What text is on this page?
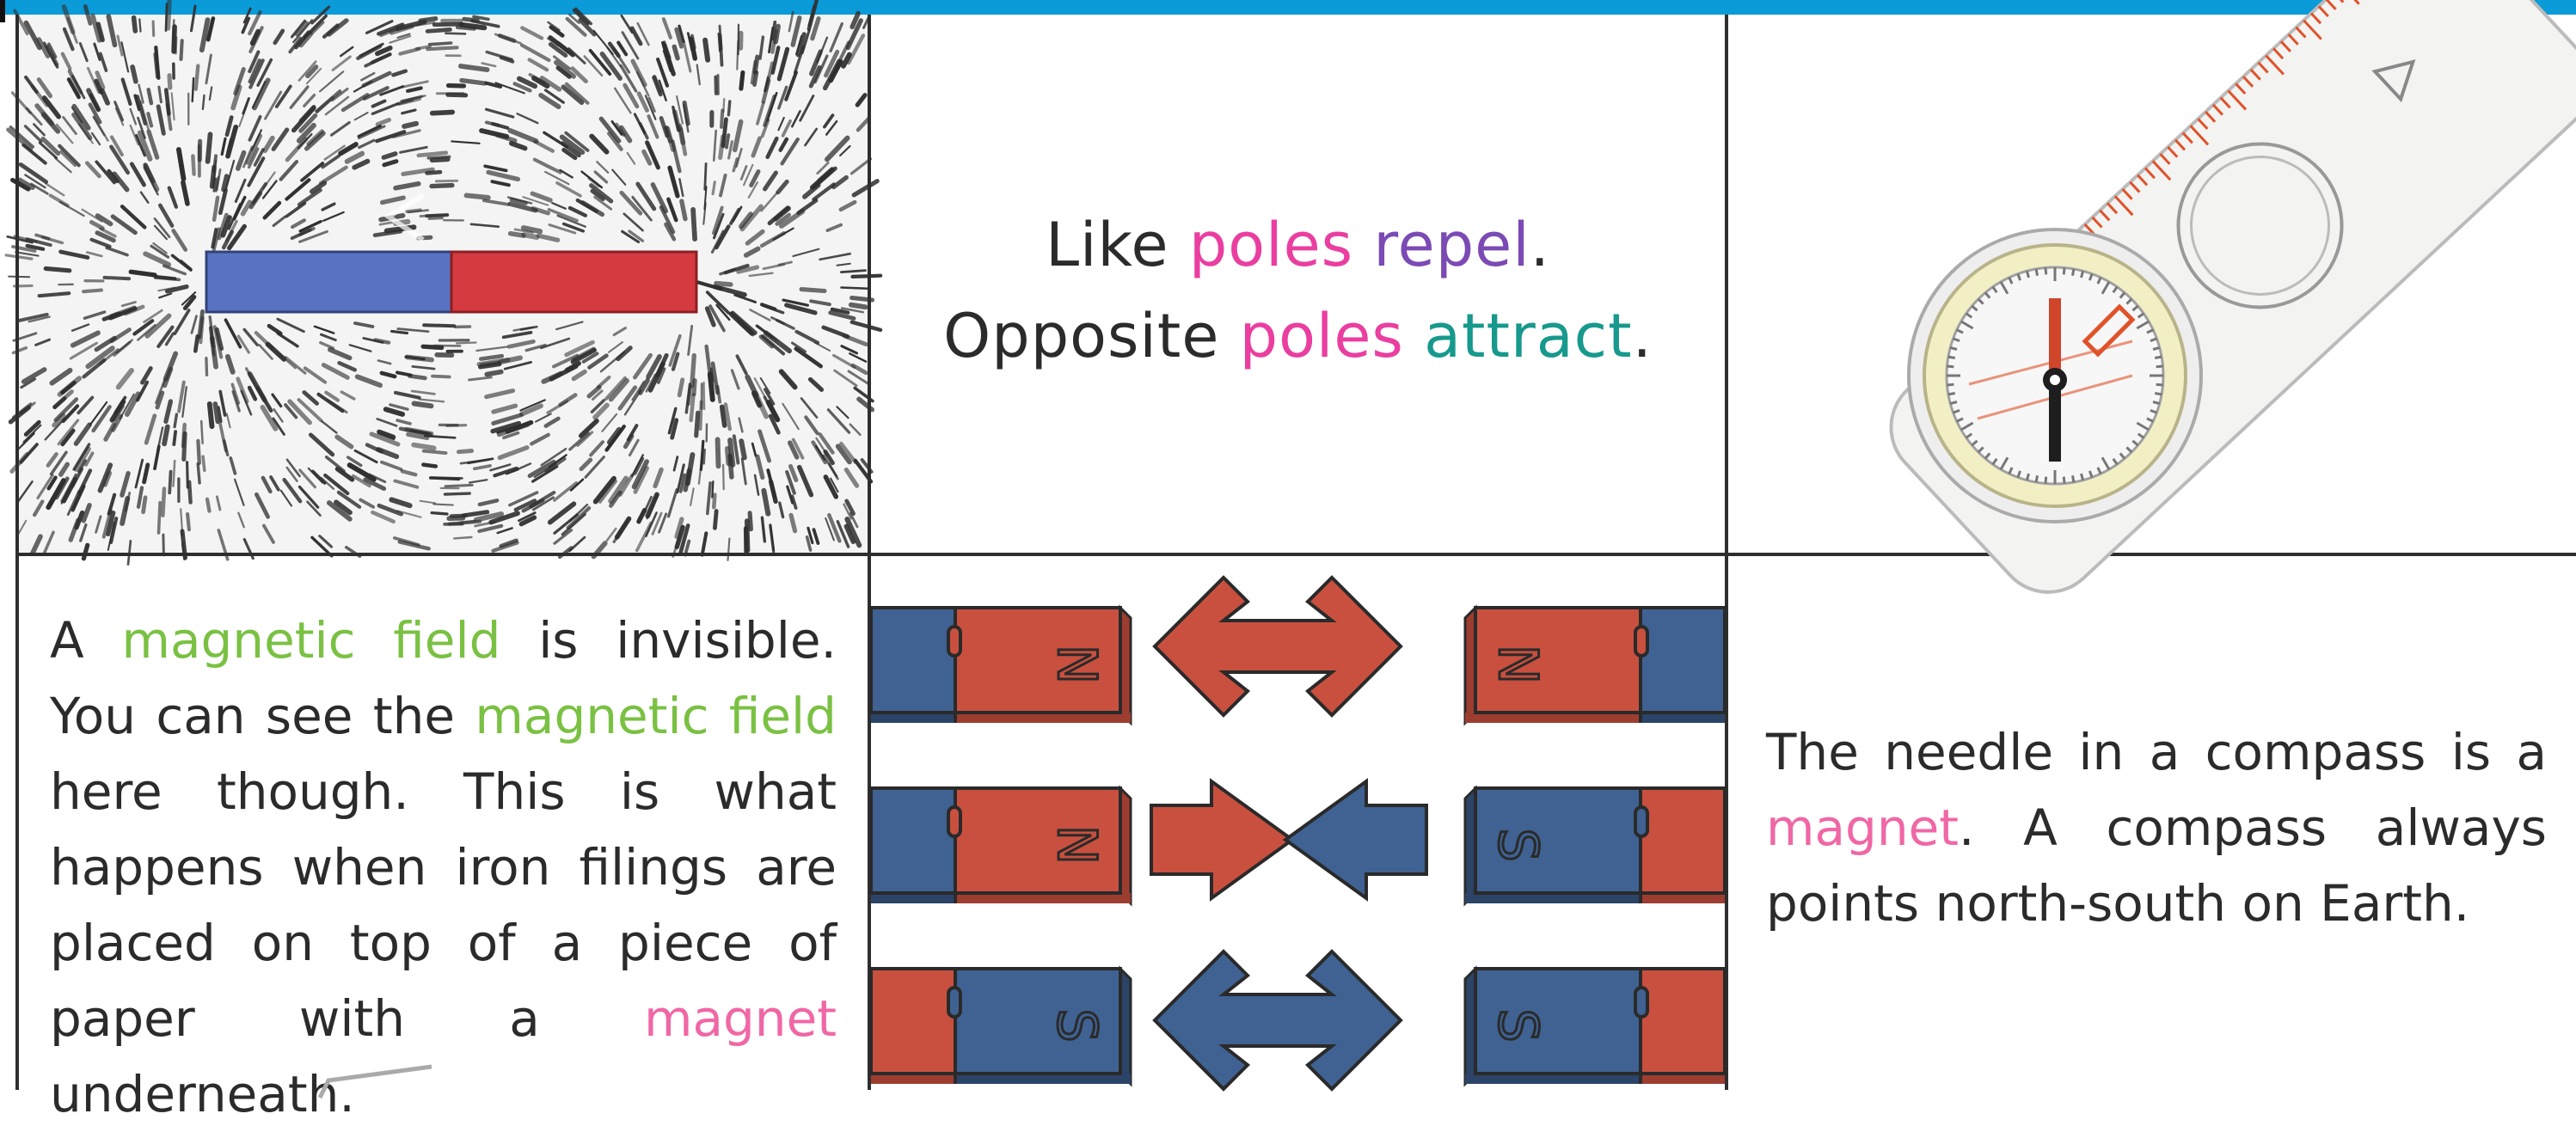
Like poles repel.
Opposite poles attract.
A magnetic field is invisible. You can see the magnetic field here though. This is what happens when iron filings are placed on top of a piece of paper with a magnet underneath.
N	N
N	S
S	S
The needle in a compass is a magnet. A compass always points north-south on Earth.
